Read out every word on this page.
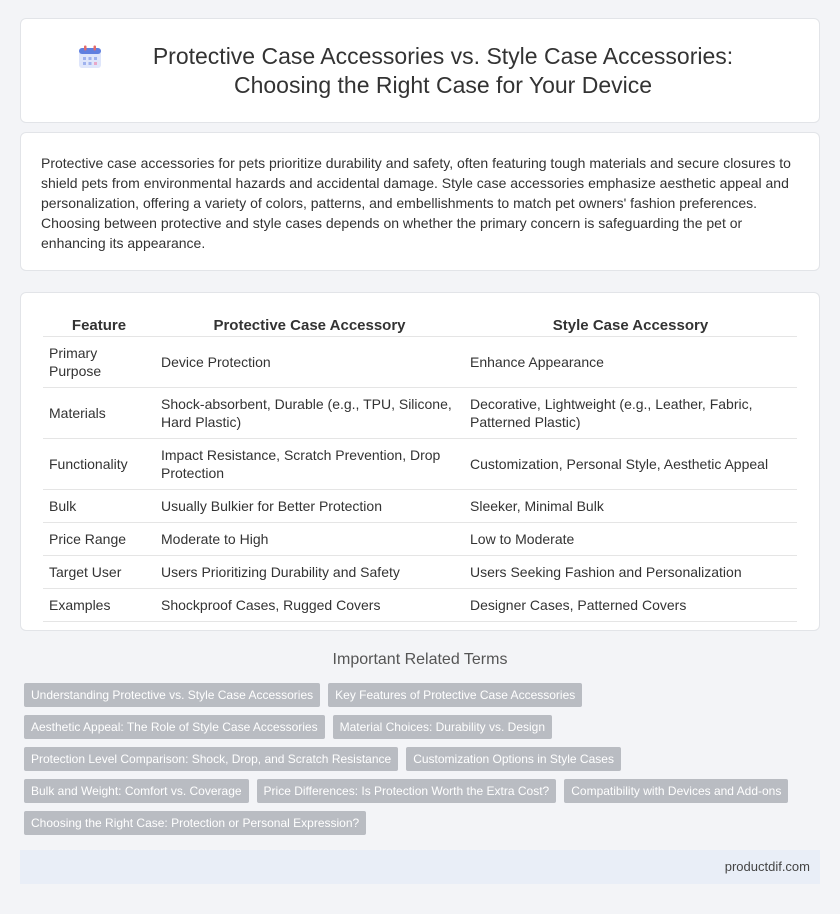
Protective Case Accessories vs. Style Case Accessories: Choosing the Right Case for Your Device

Protective case accessories for pets prioritize durability and safety, often featuring tough materials and secure closures to shield pets from environmental hazards and accidental damage. Style case accessories emphasize aesthetic appeal and personalization, offering a variety of colors, patterns, and embellishments to match pet owners' fashion preferences. Choosing between protective and style cases depends on whether the primary concern is safeguarding the pet or enhancing its appearance.

Feature	Protective Case Accessory	Style Case Accessory
Primary Purpose	Device Protection	Enhance Appearance
Materials	Shock-absorbent, Durable (e.g., TPU, Silicone, Hard Plastic)	Decorative, Lightweight (e.g., Leather, Fabric, Patterned Plastic)
Functionality	Impact Resistance, Scratch Prevention, Drop Protection	Customization, Personal Style, Aesthetic Appeal
Bulk	Usually Bulkier for Better Protection	Sleeker, Minimal Bulk
Price Range	Moderate to High	Low to Moderate
Target User	Users Prioritizing Durability and Safety	Users Seeking Fashion and Personalization
Examples	Shockproof Cases, Rugged Covers	Designer Cases, Patterned Covers
Important Related Terms
Understanding Protective vs. Style Case Accessories	Key Features of Protective Case Accessories
Aesthetic Appeal: The Role of Style Case Accessories	Material Choices: Durability vs. Design
Protection Level Comparison: Shock, Drop, and Scratch Resistance	Customization Options in Style Cases
Bulk and Weight: Comfort vs. Coverage	Price Differences: Is Protection Worth the Extra Cost?	Compatibility with Devices and Add-ons
Choosing the Right Case: Protection or Personal Expression?
productdif.com
